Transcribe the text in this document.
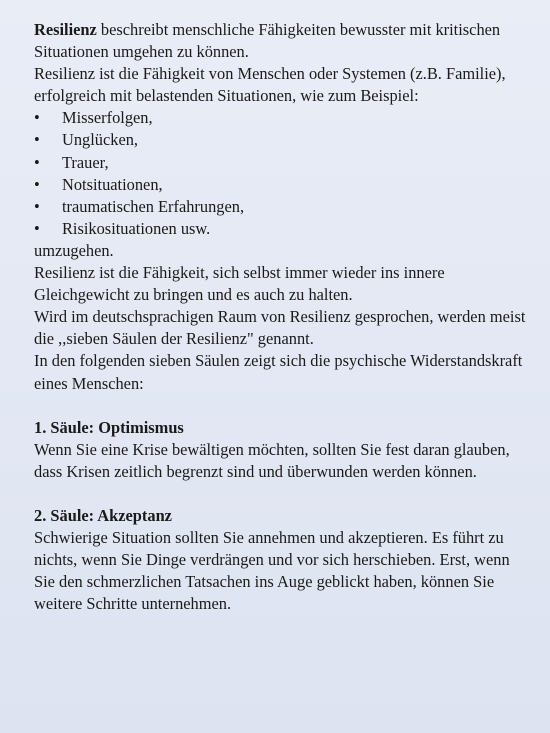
Resilienz beschreibt menschliche Fähigkeiten bewusster mit kritischen Situationen umgehen zu können.

Resilienz ist die Fähigkeit von Menschen oder Systemen (z.B. Familie), erfolgreich mit belastenden Situationen, wie zum Beispiel:

• Misserfolgen,
• Unglücken,
• Trauer,
• Notsituationen,
• traumatischen Erfahrungen,
• Risikosituationen usw.

umzugehen.

Resilienz ist die Fähigkeit, sich selbst immer wieder ins innere Gleichgewicht zu bringen und es auch zu halten.

Wird im deutschsprachigen Raum von Resilienz gesprochen, werden meist die ,,sieben Säulen der Resilienz" genannt.

In den folgenden sieben Säulen zeigt sich die psychische Widerstandskraft eines Menschen:

1. Säule: Optimismus

Wenn Sie eine Krise bewältigen möchten, sollten Sie fest daran glauben, dass Krisen zeitlich begrenzt sind und überwunden werden können.

2. Säule: Akzeptanz

Schwierige Situation sollten Sie annehmen und akzeptieren. Es führt zu nichts, wenn Sie Dinge verdrängen und vor sich herschieben. Erst, wenn Sie den schmerzlichen Tatsachen ins Auge geblickt haben, können Sie weitere Schritte unternehmen.
